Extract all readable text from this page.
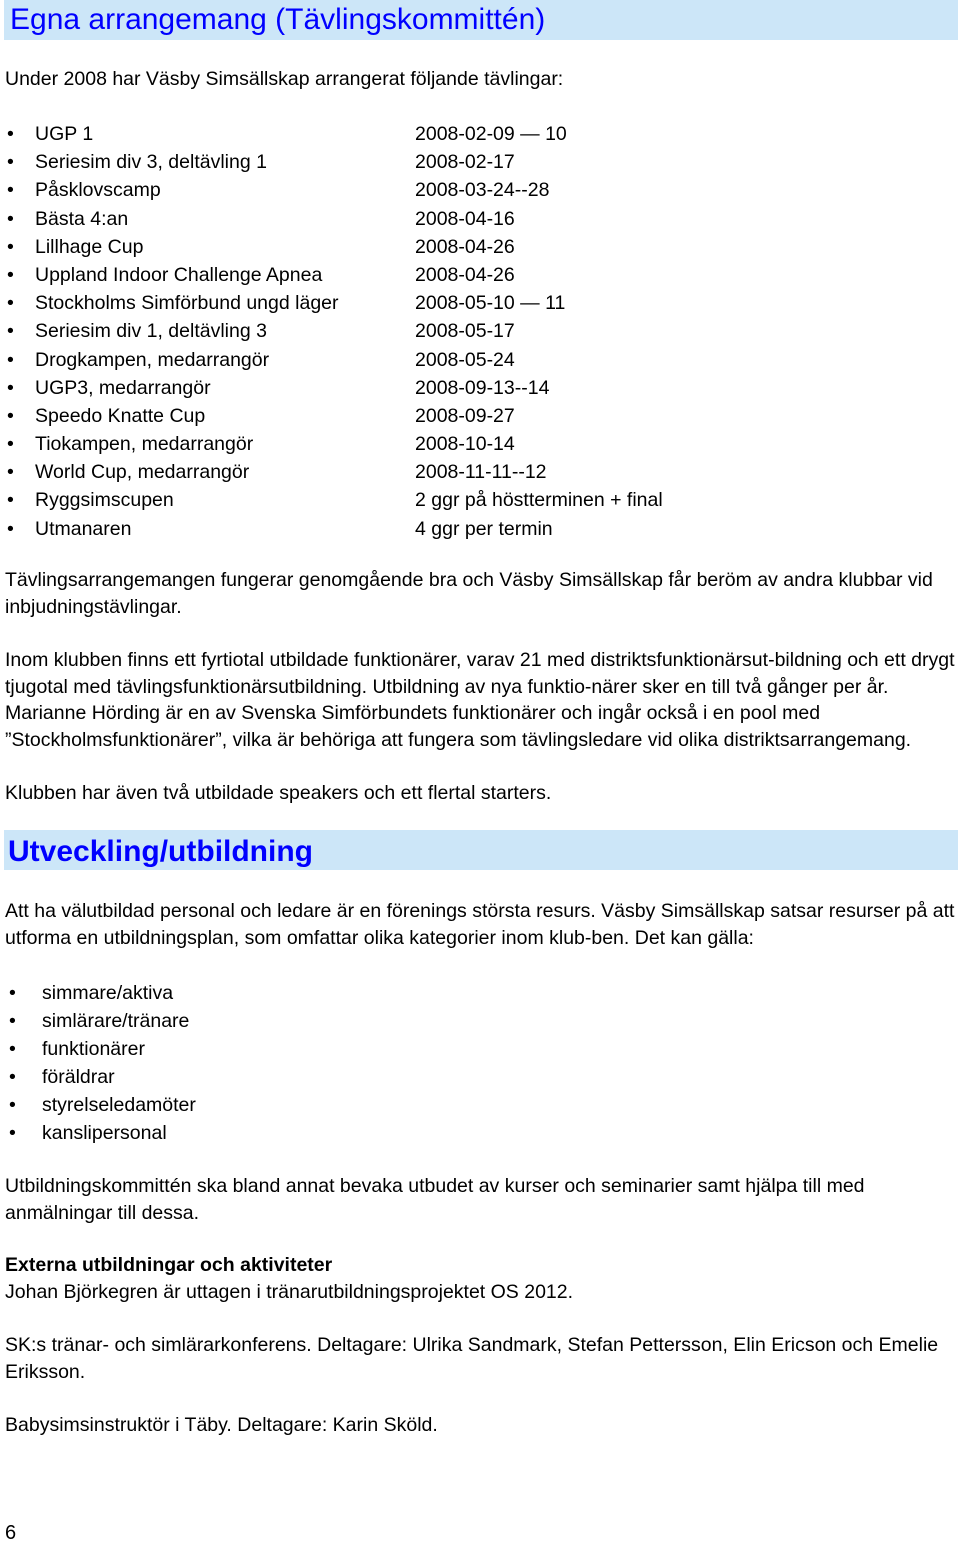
Egna arrangemang (Tävlingskommittén)

Under 2008 har Väsby Simsällskap arrangerat följande tävlingar:

• UGP 1	2008-02-09 — 10
• Seriesim div 3, deltävling 1	2008-02-17
• Påsklovscamp	2008-03-24--28
• Bästa 4:an	2008-04-16
• Lillhage Cup	2008-04-26
• Uppland Indoor Challenge Apnea	2008-04-26
• Stockholms Simförbund ungd läger	2008-05-10 — 11
• Seriesim div 1, deltävling 3	2008-05-17
• Drogkampen, medarrangör	2008-05-24
• UGP3, medarrangör	2008-09-13--14
• Speedo Knatte Cup	2008-09-27
• Tiokampen, medarrangör	2008-10-14
• World Cup, medarrangör	2008-11-11--12
• Ryggsimscupen	2 ggr på höstterminen + final
• Utmanaren	4 ggr per termin

Tävlingsarrangemangen fungerar genomgående bra och Väsby Simsällskap får beröm av andra klubbar vid inbjudningstävlingar.

Inom klubben finns ett fyrtiotal utbildade funktionärer, varav 21 med distriktsfunktionärsut-bildning och ett drygt tjugotal med tävlingsfunktionärsutbildning. Utbildning av nya funktio-närer sker en till två gånger per år. Marianne Hörding är en av Svenska Simförbundets funktionärer och ingår också i en pool med ”Stockholmsfunktionärer”, vilka är behöriga att fungera som tävlingsledare vid olika distriktsarrangemang.

Klubben har även två utbildade speakers och ett flertal starters.

Utveckling/utbildning

Att ha välutbildad personal och ledare är en förenings största resurs. Väsby Simsällskap satsar resurser på att utforma en utbildningsplan, som omfattar olika kategorier inom klub-ben. Det kan gälla:

• simmare/aktiva
• simlärare/tränare
• funktionärer
• föräldrar
• styrelseledamöter
• kanslipersonal

Utbildningskommittén ska bland annat bevaka utbudet av kurser och seminarier samt hjälpa till med anmälningar till dessa.

Externa utbildningar och aktiviteter

Johan Björkegren är uttagen i tränarutbildningsprojektet OS 2012.

SK:s tränar- och simlärarkonferens. Deltagare: Ulrika Sandmark, Stefan Pettersson, Elin Ericson och Emelie Eriksson.

Babysimsinstruktör i Täby. Deltagare: Karin Sköld.

6
